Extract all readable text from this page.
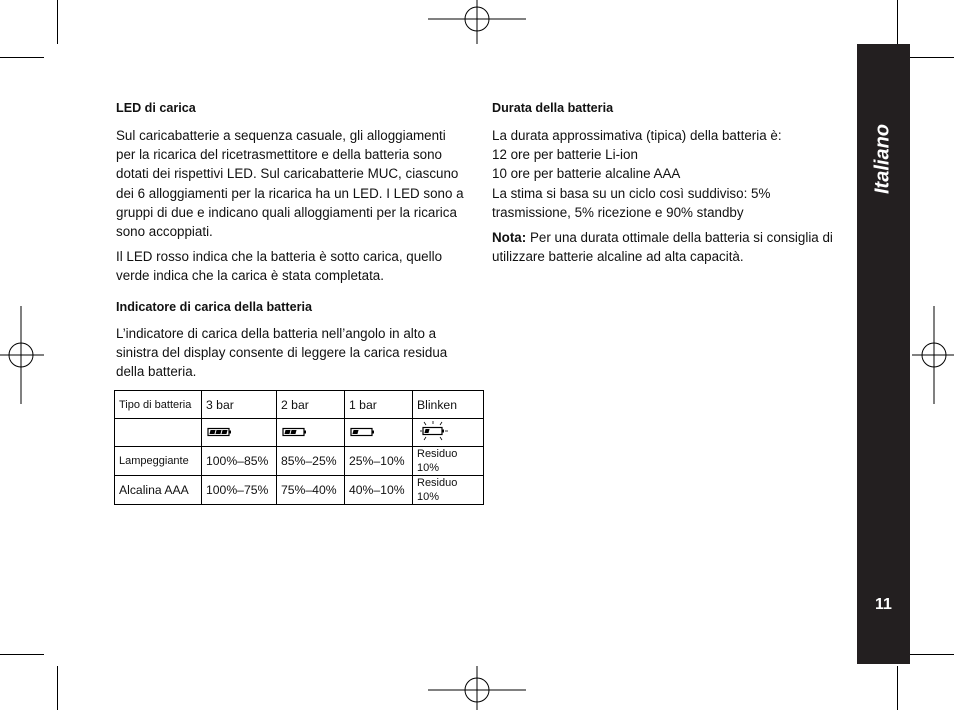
LED di carica

Sul caricabatterie a sequenza casuale, gli alloggiamenti
per la ricarica del ricetrasmettitore e della batteria sono
dotati dei rispettivi LED. Sul caricabatterie MUC, ciascuno
dei 6 alloggiamenti per la ricarica ha un LED. I LED sono a
gruppi di due e indicano quali alloggiamenti per la ricarica
sono accoppiati.

Il LED rosso indica che la batteria è sotto carica, quello
verde indica che la carica è stata completata.

Indicatore di carica della batteria

L’indicatore di carica della batteria nell’angolo in alto a
sinistra del display consente di leggere la carica residua
della batteria.

Tipo di batteria	3 bar	2 bar	1 bar	Blinken

Lampeggiante	100%–85%	85%–25%	25%–10%	Residuo 10%
Alcalina AAA	100%–75%	75%–40%	40%–10%	Residuo 10%
Durata della batteria

La durata approssimativa (tipica) della batteria è:
12 ore per batterie Li-ion
10 ore per batterie alcaline AAA
La stima si basa su un ciclo così suddiviso: 5%
trasmissione, 5% ricezione e 90% standby

Nota: Per una durata ottimale della batteria si consiglia di
utilizzare batterie alcaline ad alta capacità.

Italiano
11
